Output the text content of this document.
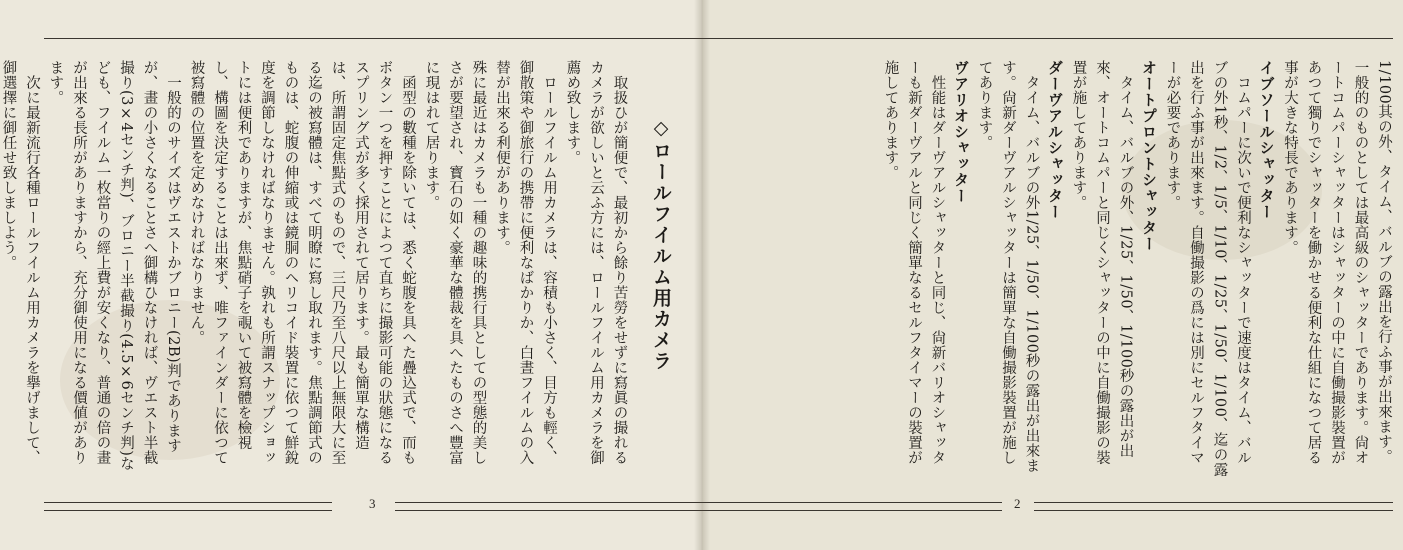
◇ロールフイルム用カメラ

取扱ひが簡便で、最初から餘り苦勞をせずに寫眞の撮れるカメラが欲しいと云ふ方には、ロールフイルム用カメラを御薦め致します。

ロールフイルム用カメラは、容積も小さく、目方も輕く、御散策や御旅行の携帶に便利なばかりか、白晝フイルムの入替が出來る利便があります。

殊に最近はカメラも一種の趣味的携行具としての型態的美しさが要望され、寳石の如く豪華な體裁を具へたものさへ豐富に現はれて居ります。

函型の數種を除いては、悉く蛇腹を具へた疊込式で、而もボタン一つを押すことによつて直ちに撮影可能の狀態になるスプリング式が多く採用されて居ります。最も簡單な構造は、所謂固定焦點式のもので、三尺乃至八尺以上無限大に至る迄の被寫體は、すべて明瞭に寫し取れます。焦點調節式のものは、蛇腹の伸縮或は鏡胴のヘリコイド裝置に依つて鮮銳度を調節しなければなりません。孰れも所謂スナップショットには便利でありますが、焦點硝子を覗いて被寫體を檢視し、構圖を決定することは出來ず、唯ファインダーに依つて被寫體の位置を定めなければなりません。

一般的のサイズはヴエストかブロニー(2B)判でありますが、畫の小さくなることさへ御構ひなければ、ヴエスト半截撮り(3×4センチ判)、ブロニー半截撮り(4.5×6センチ判)なども、フイルム一枚當りの經上費が安くなり、普通の倍の畫が出來る長所がありますから、充分御使用になる價値があります。

次に最新流行各種ロールフイルム用カメラを擧げまして、御選擇に御任せ致しましよう。

3

1/100其の外、タイム、バルブの露出を行ふ事が出來ます。一般的のものとしては最高級のシャッターであります。尙オートコムパーシャッターはシャッターの中に自働撮影裝置があつて獨りでシャッターを働かせる便利な仕組になつて居る事が大きな特長であります。

イブソールシャッター

コムパーに次いで便利なシャッターで速度はタイム、バルブの外1秒、1/2、1/5、1/10、1/25、1/50、1/100、迄の露出を行ふ事が出來ます。自働撮影の爲には別にセルフタイマーが必要であります。

オートプロントシャッター

タイム、バルブの外、1/25、1/50、1/100秒の露出が出來、オートコムパーと同じくシャッターの中に自働撮影の裝置が施してあります。

ダーヴアルシャッター

タイム、バルブの外1/25、1/50、1/100秒の露出が出來ます。尙新ダーヴアルシャッターは簡單な自働撮影裝置が施してあります。

ヴアリオシャッター

性能はダーヴアルシャッターと同じ、尙新バリオシャッターも新ダーヴアルと同じく簡單なるセルフタイマーの裝置が施してあります。

2
